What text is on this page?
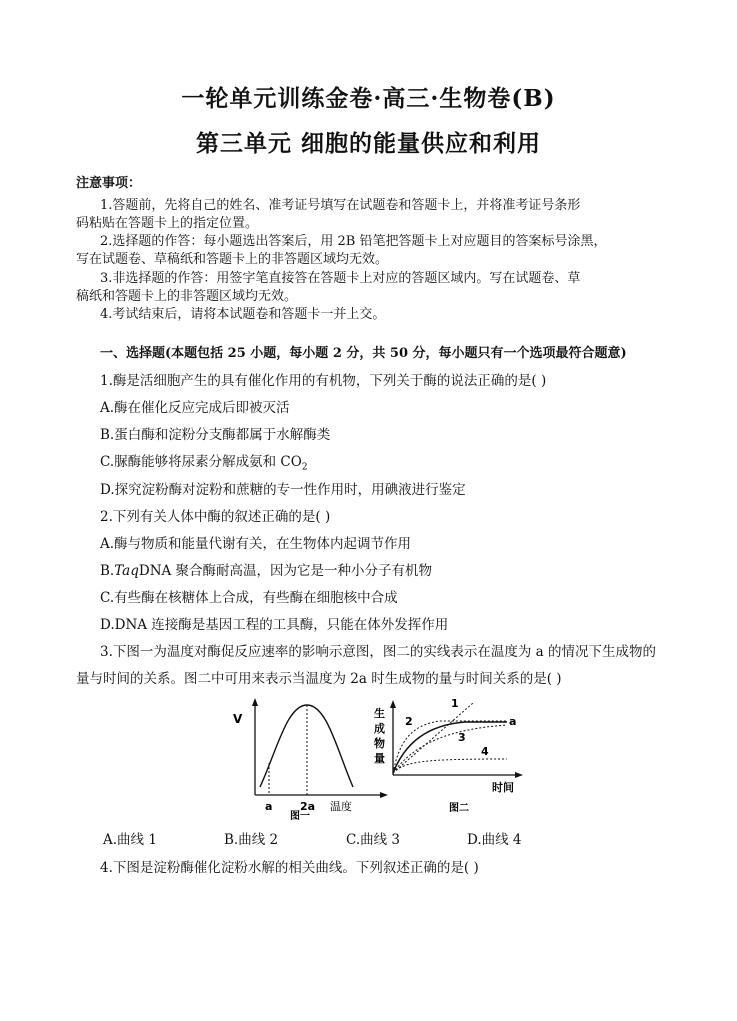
一轮单元训练金卷·高三·生物卷(B)
第三单元 细胞的能量供应和利用
注意事项：
1.答题前，先将自己的姓名、准考证号填写在试题卷和答题卡上，并将准考证号条形
码粘贴在答题卡上的指定位置。
2.选择题的作答：每小题选出答案后，用 2B 铅笔把答题卡上对应题目的答案标号涂黑，
写在试题卷、草稿纸和答题卡上的非答题区域均无效。
3.非选择题的作答：用签字笔直接答在答题卡上对应的答题区域内。写在试题卷、草
稿纸和答题卡上的非答题区域均无效。
4.考试结束后，请将本试题卷和答题卡一并上交。
一、选择题(本题包括 25 小题，每小题 2 分，共 50 分，每小题只有一个选项最符合题意)
1.酶是活细胞产生的具有催化作用的有机物，下列关于酶的说法正确的是( )
A.酶在催化反应完成后即被灭活
B.蛋白酶和淀粉分支酶都属于水解酶类
C.脲酶能够将尿素分解成氨和 $CO_2$
D.探究淀粉酶对淀粉和蔗糖的专一性作用时，用碘液进行鉴定
2.下列有关人体中酶的叙述正确的是( )
A.酶与物质和能量代谢有关，在生物体内起调节作用
B.TaqDNA 聚合酶耐高温，因为它是一种小分子有机物
C.有些酶在核糖体上合成，有些酶在细胞核中合成
D.DNA 连接酶是基因工程的工具酶，只能在体外发挥作用
3.下图一为温度对酶促反应速率的影响示意图，图二的实线表示在温度为 a 的情况下生成物的
量与时间的关系。图二中可用来表示当温度为 2a 时生成物的量与时间关系的是( )
V
a	2a 温度
图一
生
成
物
量
1
2
3
4
a
时间
图二
A.曲线 1	B.曲线 2	C.曲线 3	D.曲线 4
4.下图是淀粉酶催化淀粉水解的相关曲线。下列叙述正确的是( )
